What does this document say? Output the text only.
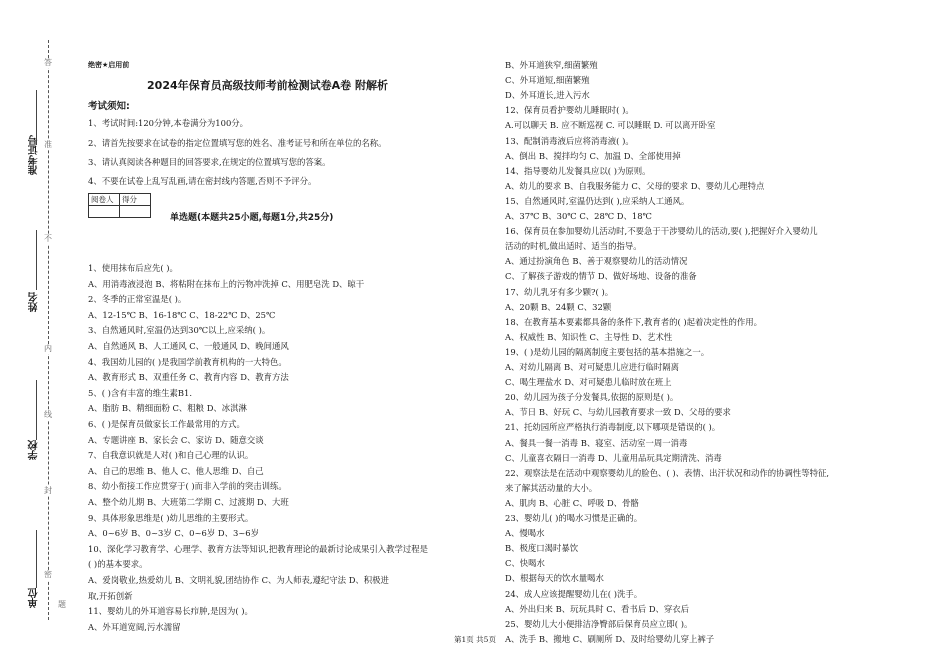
准考证号
姓名
学校
单位
答
准
不
内
线
封
密
题
绝密★启用前
2024年保育员高级技师考前检测试卷A卷 附解析
考试须知:
1、考试时间:120分钟,本卷满分为100分。
2、请首先按要求在试卷的指定位置填写您的姓名、准考证号和所在单位的名称。
3、请认真阅读各种题目的回答要求,在规定的位置填写您的答案。
4、不要在试卷上乱写乱画,请在密封线内答题,否则不予评分。
阅卷人	得分

单选题(本题共25小题,每题1分,共25分)
1、使用抹布后应先( )。
A、用消毒液浸泡 B、将粘附在抹布上的污物冲洗掉 C、用肥皂洗 D、晾干
2、冬季的正常室温是( )。
A、12-15℃ B、16-18℃ C、18-22℃ D、25℃
3、自然通风时,室温仍达到30℃以上,应采纳( )。
A、自然通风 B、人工通风 C、一般通风 D、晚间通风
4、我国幼儿园的( )是我国学前教育机构的一大特色。
A、教育形式 B、双重任务 C、教育内容 D、教育方法
5、( )含有丰富的维生素B1.
A、脂肪 B、精细面粉 C、粗粮 D、冰淇淋
6、( )是保育员做家长工作最常用的方式。
A、专题讲座 B、家长会 C、家访 D、随意交谈
7、自我意识就是人对( )和自己心理的认识。
A、自己的思维 B、他人 C、他人思维 D、自己
8、幼小衔接工作应贯穿于( )而非入学前的突击训练。
A、整个幼儿期 B、大班第二学期 C、过渡期 D、大班
9、具体形象思维是( )幼儿思维的主要形式。
A、0~6岁 B、0~3岁 C、0~6岁 D、3~6岁
10、深化学习教育学、心理学、教育方法等知识,把教育理论的最新讨论成果引入教学过程是
( )的基本要求。
A、爱岗敬业,热爱幼儿 B、文明礼貌,团结协作 C、为人师表,遵纪守法 D、积极进
取,开拓创新
11、婴幼儿的外耳道容易长疖肿,是因为( )。
A、外耳道宽阔,污水濡留
B、外耳道狭窄,细菌繁殖
C、外耳道短,细菌繁殖
D、外耳道长,进入污水
12、保育员看护婴幼儿睡眠时( )。
A.可以聊天 B. 应不断巡视 C. 可以睡眠 D. 可以离开卧室
13、配制消毒液后应将消毒液( )。
A、倒出 B、搅拌均匀 C、加温 D、全部使用掉
14、指导婴幼儿发餐具应以( )为原则。
A、幼儿的要求 B、自我服务能力 C、父母的要求 D、婴幼儿心理特点
15、自然通风时,室温仍达到( ),应采纳人工通风。
A、37℃ B、30℃ C、28℃ D、18℃
16、保育员在参加婴幼儿活动时,不要急于干涉婴幼儿的活动,要( ),把握好介入婴幼儿
活动的时机,做出适时、适当的指导。
A、通过扮演角色 B、善于观察婴幼儿的活动情况
C、了解孩子游戏的情节 D、做好场地、设备的准备
17、幼儿乳牙有多少颗?( )。
A、20颗 B、24颗 C、32颗
18、在教育基本要素都具备的条件下,教育者的( )起着决定性的作用。
A、权威性 B、知识性 C、主导性 D、艺术性
19、( )是幼儿园的隔离制度主要包括的基本措施之一。
A、对幼儿隔离 B、对可疑患儿应进行临时隔离
C、喝生理盐水 D、对可疑患儿临时放在班上
20、幼儿园为孩子分发餐具,依据的原则是( )。
A、节日 B、好玩 C、与幼儿园教育要求一致 D、父母的要求
21、托幼园所应严格执行消毒制度,以下哪项是错误的( )。
A、餐具一餐一消毒 B、寝室、活动室一周一消毒
C、儿童喜衣隔日一消毒 D、儿童用品玩具定期清洗、消毒
22、观察法是在活动中观察婴幼儿的脸色、( )、表情、出汗状况和动作的协调性等特征,
来了解其活动量的大小。
A、肌肉 B、心脏 C、呼吸 D、骨骼
23、婴幼儿( )的喝水习惯是正确的。
A、慢喝水
B、极度口渴时暴饮
C、快喝水
D、根据每天的饮水量喝水
24、成人应该提醒婴幼儿在( )洗手。
A、外出归来 B、玩玩具时 C、看书后 D、穿衣后
25、婴幼儿大小便排洁净臀部后保育员应立即( )。
A、洗手 B、搬地 C、刷厕所 D、及时给婴幼儿穿上裤子
第1页 共5页
